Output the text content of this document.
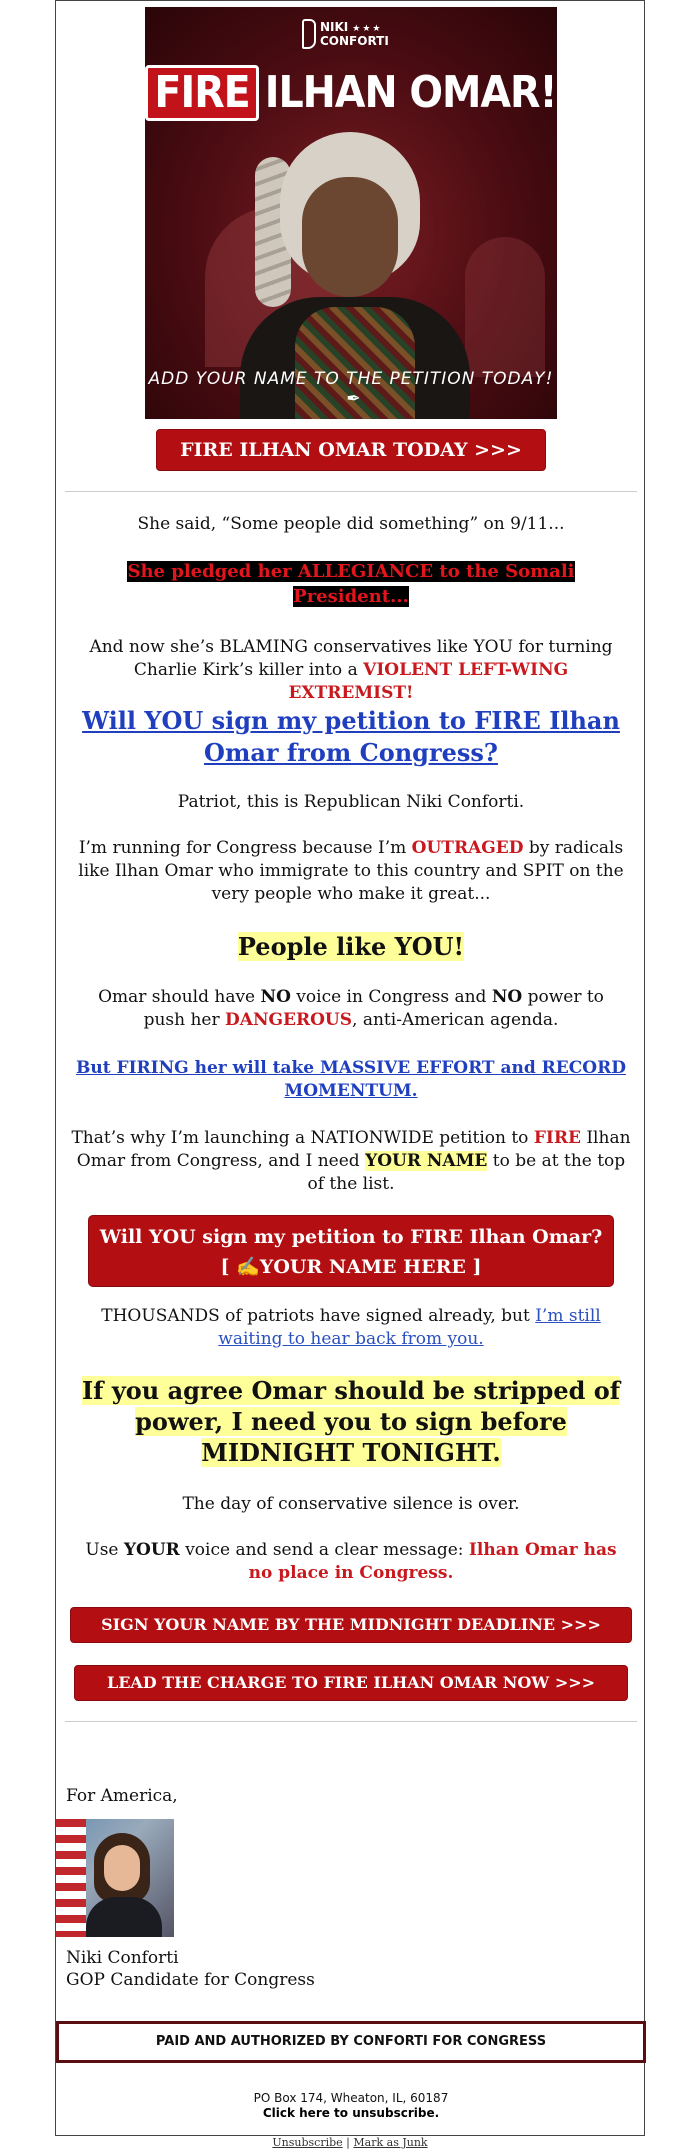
NIKI ★★★
CONFORTI
FIRE ILHAN OMAR!
ADD YOUR NAME TO THE PETITION TODAY!✒
FIRE ILHAN OMAR TODAY >>>
She said, “Some people did something” on 9/11...
She pledged her ALLEGIANCE to the Somali President...
And now she’s BLAMING conservatives like YOU for turning Charlie Kirk’s killer into a VIOLENT LEFT-WING EXTREMIST!
Will YOU sign my petition to FIRE Ilhan Omar from Congress?
Patriot, this is Republican Niki Conforti.
I’m running for Congress because I’m OUTRAGED by radicals like Ilhan Omar who immigrate to this country and SPIT on the very people who make it great...
People like YOU!
Omar should have NO voice in Congress and NO power to push her DANGEROUS, anti-American agenda.
But FIRING her will take MASSIVE EFFORT and RECORD MOMENTUM.
That’s why I’m launching a NATIONWIDE petition to FIRE Ilhan Omar from Congress, and I need YOUR NAME to be at the top of the list.
Will YOU sign my petition to FIRE Ilhan Omar?
[ ✍YOUR NAME HERE ]
THOUSANDS of patriots have signed already, but I’m still waiting to hear back from you.
If you agree Omar should be stripped of power, I need you to sign before MIDNIGHT TONIGHT.
The day of conservative silence is over.
Use YOUR voice and send a clear message: Ilhan Omar has no place in Congress.
SIGN YOUR NAME BY THE MIDNIGHT DEADLINE >>>
LEAD THE CHARGE TO FIRE ILHAN OMAR NOW >>>
For America,
Niki Conforti
GOP Candidate for Congress
PAID AND AUTHORIZED BY CONFORTI FOR CONGRESS
PO Box 174, Wheaton, IL, 60187
Click here to unsubscribe.
Unsubscribe | Mark as Junk
